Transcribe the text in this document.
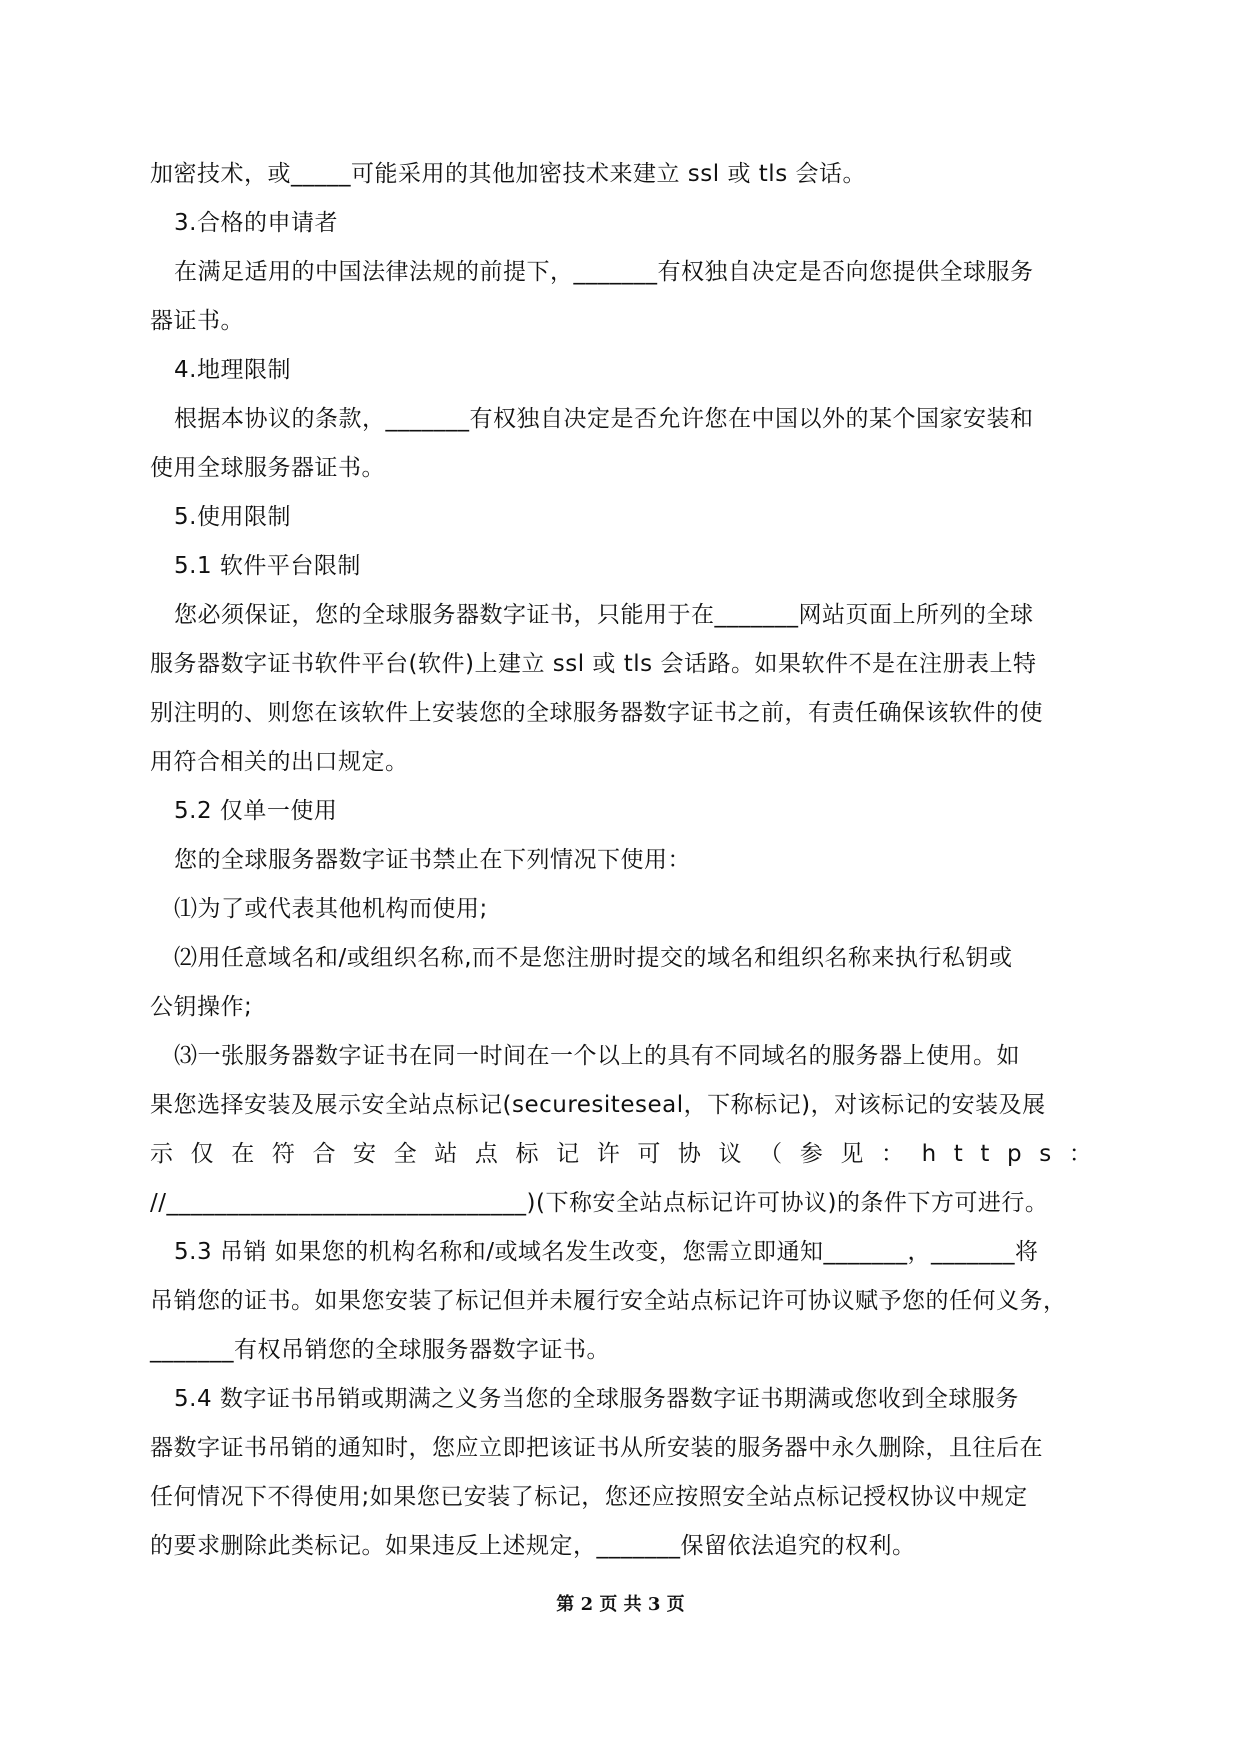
加密技术，或_____可能采用的其他加密技术来建立 ssl 或 tls 会话。
3.合格的申请者
在满足适用的中国法律法规的前提下，_______有权独自决定是否向您提供全球服务
器证书。
4.地理限制
根据本协议的条款，_______有权独自决定是否允许您在中国以外的某个国家安装和
使用全球服务器证书。
5.使用限制
5.1 软件平台限制
您必须保证，您的全球服务器数字证书，只能用于在_______网站页面上所列的全球
服务器数字证书软件平台(软件)上建立 ssl 或 tls 会话路。如果软件不是在注册表上特
别注明的、则您在该软件上安装您的全球服务器数字证书之前，有责任确保该软件的使
用符合相关的出口规定。
5.2 仅单一使用
您的全球服务器数字证书禁止在下列情况下使用：
⑴为了或代表其他机构而使用;
⑵用任意域名和/或组织名称,而不是您注册时提交的域名和组织名称来执行私钥或
公钥操作;
⑶一张服务器数字证书在同一时间在一个以上的具有不同域名的服务器上使用。如
果您选择安装及展示安全站点标记(securesiteseal，下称标记)，对该标记的安装及展
示 仅 在 符 合 安 全 站 点 标 记 许 可 协 议 （ 参 见 ： h t t p s ：
//______________________________)(下称安全站点标记许可协议)的条件下方可进行。
5.3 吊销 如果您的机构名称和/或域名发生改变，您需立即通知_______，_______将
吊销您的证书。如果您安装了标记但并未履行安全站点标记许可协议赋予您的任何义务，
_______有权吊销您的全球服务器数字证书。
5.4 数字证书吊销或期满之义务当您的全球服务器数字证书期满或您收到全球服务
器数字证书吊销的通知时，您应立即把该证书从所安装的服务器中永久删除，且往后在
任何情况下不得使用;如果您已安装了标记，您还应按照安全站点标记授权协议中规定
的要求删除此类标记。如果违反上述规定，_______保留依法追究的权利。
第 2 页 共 3 页
